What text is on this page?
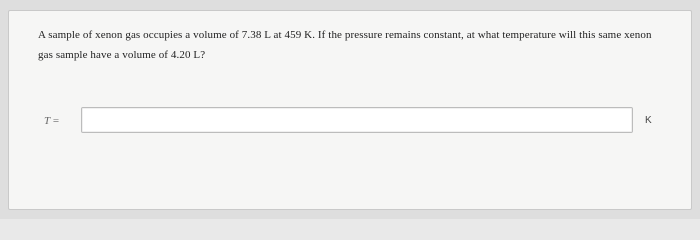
A sample of xenon gas occupies a volume of 7.38 L at 459 K. If the pressure remains constant, at what temperature will this same xenon gas sample have a volume of 4.20 L?
T =	K
